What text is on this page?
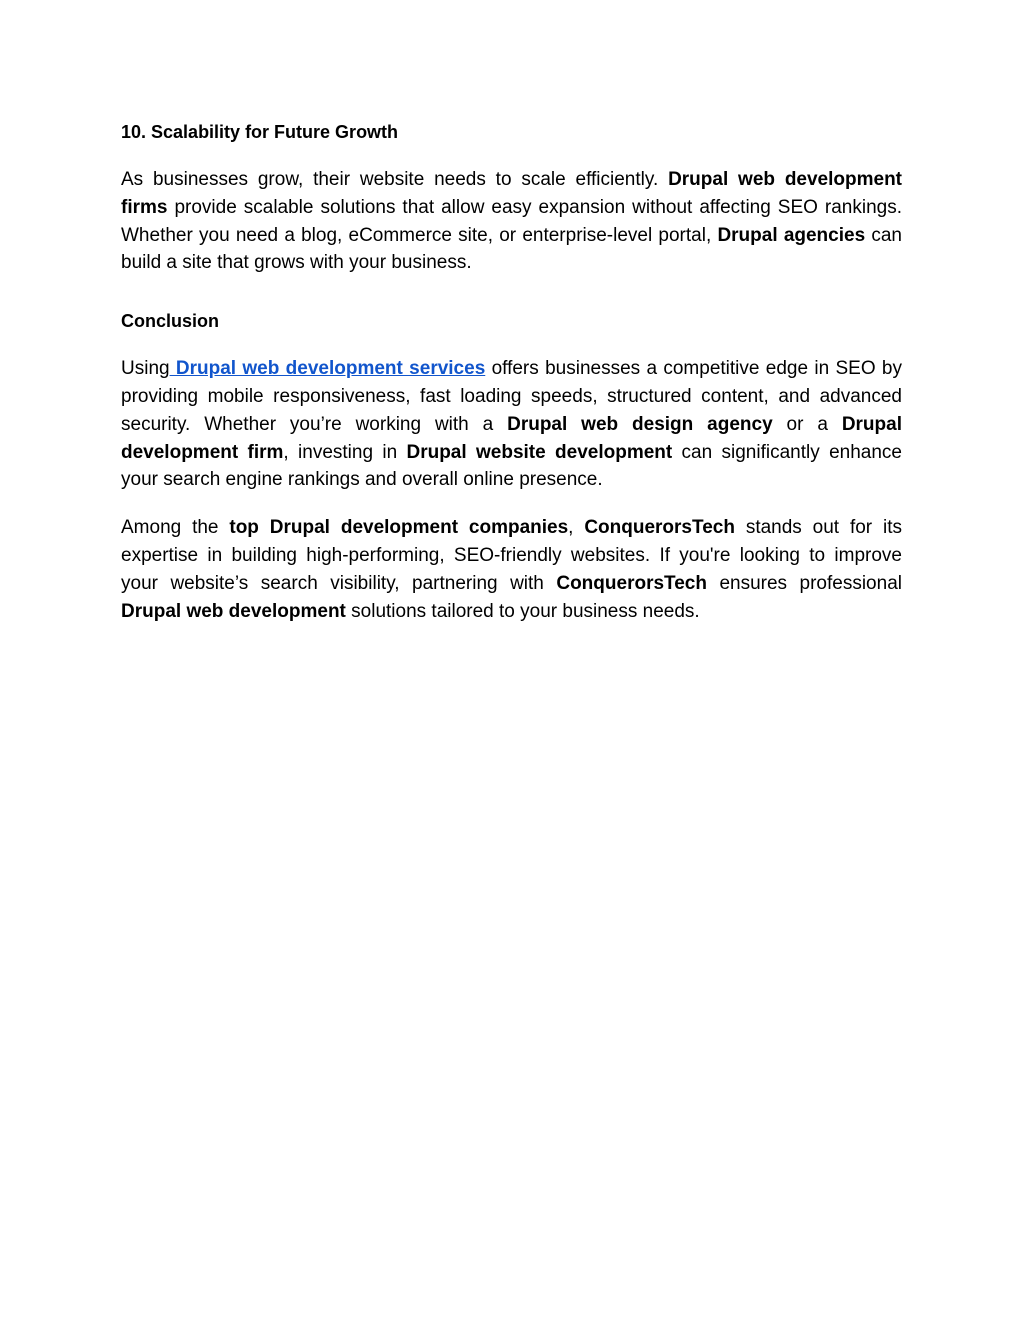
10. Scalability for Future Growth

As businesses grow, their website needs to scale efficiently. Drupal web development firms provide scalable solutions that allow easy expansion without affecting SEO rankings. Whether you need a blog, eCommerce site, or enterprise-level portal, Drupal agencies can build a site that grows with your business.

Conclusion

Using Drupal web development services offers businesses a competitive edge in SEO by providing mobile responsiveness, fast loading speeds, structured content, and advanced security. Whether you’re working with a Drupal web design agency or a Drupal development firm, investing in Drupal website development can significantly enhance your search engine rankings and overall online presence.

Among the top Drupal development companies, ConquerorsTech stands out for its expertise in building high-performing, SEO-friendly websites. If you're looking to improve your website’s search visibility, partnering with ConquerorsTech ensures professional Drupal web development solutions tailored to your business needs.
